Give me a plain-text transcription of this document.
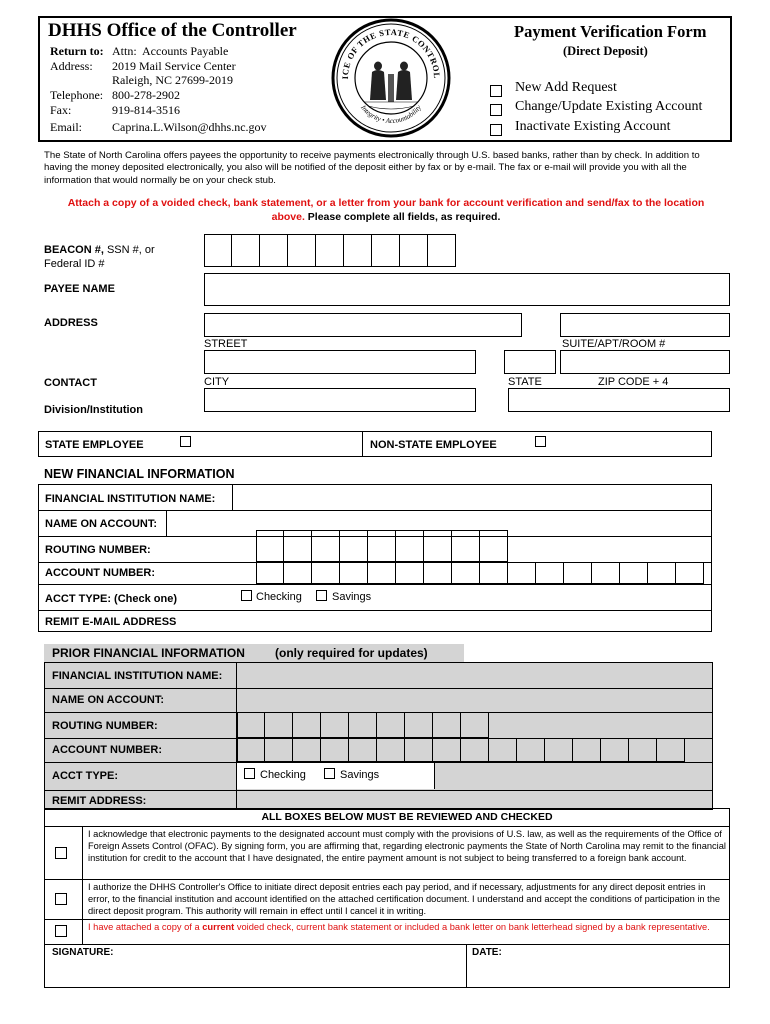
DHHS Office of the Controller
Return to: Attn:  Accounts Payable
Address: 2019 Mail Service Center
Raleigh, NC 27699-2019
Telephone: 800-278-2902
Fax:	919-814-3516
Email:	Caprina.L.Wilson@dhhs.nc.gov
ICE OF THE STATE CONTROL
Integrity • Accountability
Payment Verification Form
(Direct Deposit)
New Add Request
Change/Update Existing Account
Inactivate Existing Account
The State of North Carolina offers payees the opportunity to receive payments electronically through U.S. based banks, rather than by check. In addition to having the money deposited electronically, you also will be notified of the deposit either by fax or by e-mail. The fax or e-mail will provide you with all the information that would normally be on your check stub.
Attach a copy of a voided check, bank statement, or a letter from your bank for account verification and send/fax to the location above. Please complete all fields, as required.
BEACON #, SSN #, or
Federal ID #
PAYEE NAME
ADDRESS
STREET	SUITE/APT/ROOM #
CONTACT	CITY	STATE	ZIP CODE + 4
Division/Institution
STATE EMPLOYEE	NON-STATE EMPLOYEE
NEW FINANCIAL INFORMATION
FINANCIAL INSTITUTION NAME:
NAME ON ACCOUNT:
ROUTING NUMBER:
ACCOUNT NUMBER:
ACCT TYPE: (Check one)	Checking	Savings
REMIT E-MAIL ADDRESS
PRIOR FINANCIAL INFORMATION	(only required for updates)
FINANCIAL INSTITUTION NAME:
NAME ON ACCOUNT:
ROUTING NUMBER:
ACCOUNT NUMBER:
ACCT TYPE:	Checking	Savings
REMIT ADDRESS:
ALL BOXES BELOW MUST BE REVIEWED AND CHECKED
I acknowledge that electronic payments to the designated account must comply with the provisions of U.S. law, as well as the requirements of the Office of Foreign Assets Control (OFAC). By signing form, you are affirming that, regarding electronic payments the State of North Carolina may remit to the financial institution for credit to the account that I have designated, the entire payment amount is not subject to being transferred to a foreign bank account.
I authorize the DHHS Controller's Office to initiate direct deposit entries each pay period, and if necessary, adjustments for any direct deposit entries in error, to the financial institution and account identified on the attached certification document. I understand and accept the conditions of participation in the direct deposit program. This authority will remain in effect until I cancel it in writing.
I have attached a copy of a current voided check, current bank statement or included a bank letter on bank letterhead signed by a bank representative.
SIGNATURE:	DATE:
